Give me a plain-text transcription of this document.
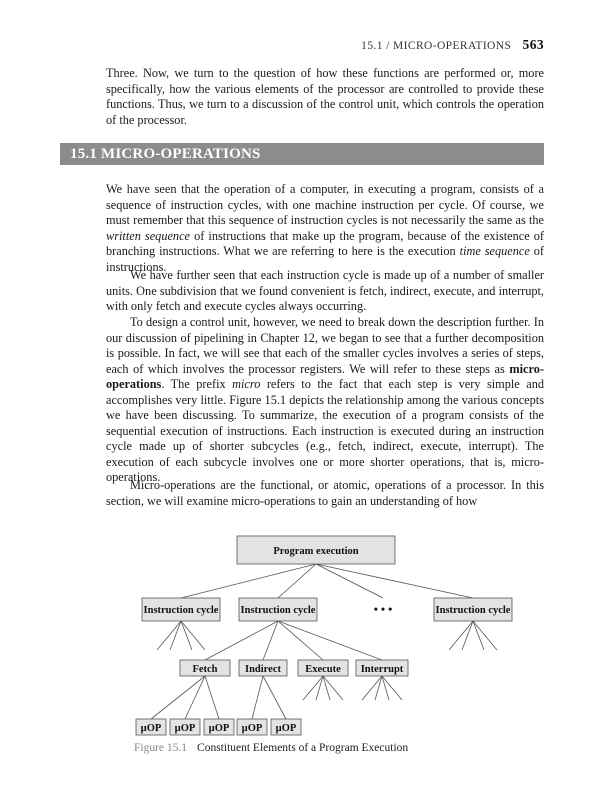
15.1 / MICRO-OPERATIONS 563

Three. Now, we turn to the question of how these functions are performed or, more specifically, how the various elements of the processor are controlled to provide these functions. Thus, we turn to a discussion of the control unit, which controls the operation of the processor.

15.1 MICRO-OPERATIONS

We have seen that the operation of a computer, in executing a program, consists of a sequence of instruction cycles, with one machine instruction per cycle. Of course, we must remember that this sequence of instruction cycles is not necessarily the same as the written sequence of instructions that make up the program, because of the existence of branching instructions. What we are referring to here is the execution time sequence of instructions.

We have further seen that each instruction cycle is made up of a number of smaller units. One subdivision that we found convenient is fetch, indirect, execute, and interrupt, with only fetch and execute cycles always occurring.

To design a control unit, however, we need to break down the description further. In our discussion of pipelining in Chapter 12, we began to see that a further decomposition is possible. In fact, we will see that each of the smaller cycles involves a series of steps, each of which involves the processor registers. We will refer to these steps as micro-operations. The prefix micro refers to the fact that each step is very simple and accomplishes very little. Figure 15.1 depicts the relationship among the various concepts we have been discussing. To summarize, the execution of a program consists of the sequential execution of instructions. Each instruction is executed during an instruction cycle made up of shorter subcycles (e.g., fetch, indirect, execute, interrupt). The execution of each subcycle involves one or more shorter operations, that is, micro-operations.

Micro-operations are the functional, or atomic, operations of a processor. In this section, we will examine micro-operations to gain an understanding of how

Program execution
Instruction cycle Instruction cycle	• • •	Instruction cycle
Fetch	Indirect Execute Interrupt
µOP µOP µOP µOP µOP
Figure 15.1 Constituent Elements of a Program Execution
